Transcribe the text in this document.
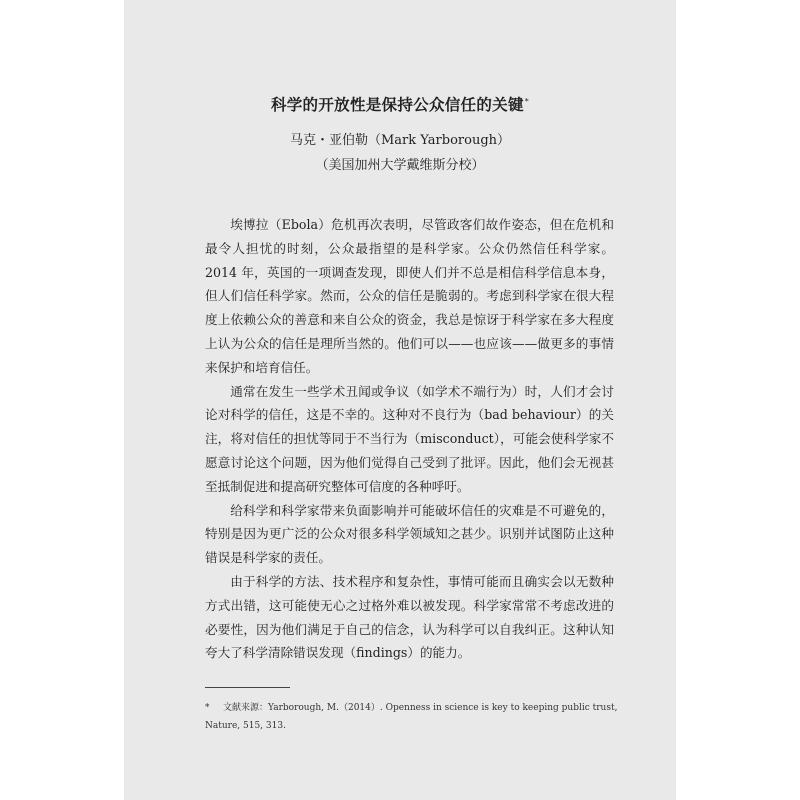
科学的开放性是保持公众信任的关键*
马克・亚伯勒（Mark Yarborough）
（美国加州大学戴维斯分校）

埃博拉（Ebola）危机再次表明，尽管政客们故作姿态，但在危机和最令人担忧的时刻，公众最指望的是科学家。公众仍然信任科学家。2014 年，英国的一项调查发现，即使人们并不总是相信科学信息本身，但人们信任科学家。然而，公众的信任是脆弱的。考虑到科学家在很大程度上依赖公众的善意和来自公众的资金，我总是惊讶于科学家在多大程度上认为公众的信任是理所当然的。他们可以——也应该——做更多的事情来保护和培育信任。

通常在发生一些学术丑闻或争议（如学术不端行为）时，人们才会讨论对科学的信任，这是不幸的。这种对不良行为（bad behaviour）的关注，将对信任的担忧等同于不当行为（misconduct），可能会使科学家不愿意讨论这个问题，因为他们觉得自己受到了批评。因此，他们会无视甚至抵制促进和提高研究整体可信度的各种呼吁。

给科学和科学家带来负面影响并可能破坏信任的灾难是不可避免的，特别是因为更广泛的公众对很多科学领域知之甚少。识别并试图防止这种错误是科学家的责任。

由于科学的方法、技术程序和复杂性，事情可能而且确实会以无数种方式出错，这可能使无心之过格外难以被发现。科学家常常不考虑改进的必要性，因为他们满足于自己的信念，认为科学可以自我纠正。这种认知夸大了科学清除错误发现（findings）的能力。

* 文献来源：Yarborough, M.（2014）. Openness in science is key to keeping public trust, Nature, 515, 313.
